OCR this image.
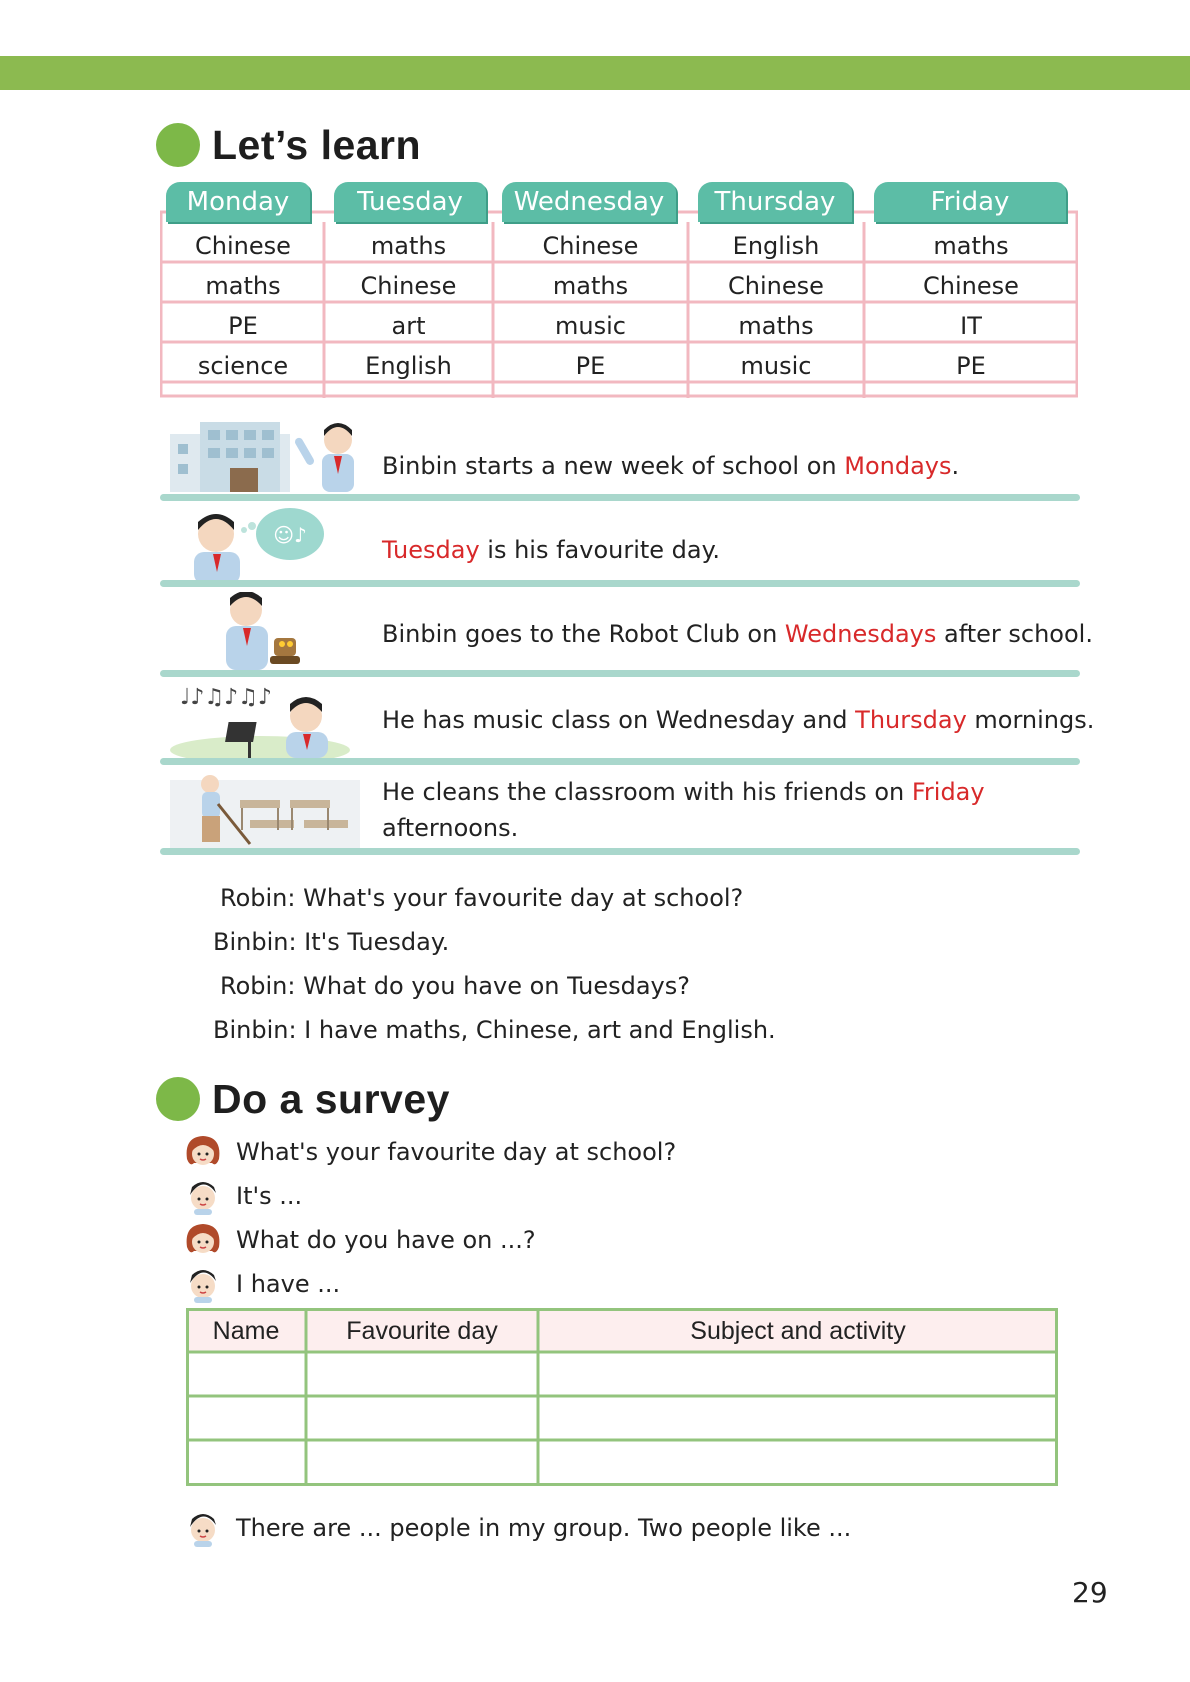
Let’s learn
Monday	Tuesday	Wednesday	Thursday	Friday
Chinese	maths	Chinese	English	maths
maths	Chinese	maths	Chinese	Chinese
PE	art	music	maths	IT
science	English	PE	music	PE
Binbin starts a new week of school on Mondays.
☺♪
Tuesday is his favourite day.
Binbin goes to the Robot Club on Wednesdays after school.
♩♪♫♪♫♪
He has music class on Wednesday and Thursday mornings.
He cleans the classroom with his friends on Friday
afternoons.
Robin: What's your favourite day at school?
Binbin: It's Tuesday.
Robin: What do you have on Tuesdays?
Binbin: I have maths, Chinese, art and English.
Do a survey
What's your favourite day at school?
It's ...
What do you have on ...?
I have ...
Name	Favourite day	Subject and activity
There are ... people in my group. Two people like ...
29
